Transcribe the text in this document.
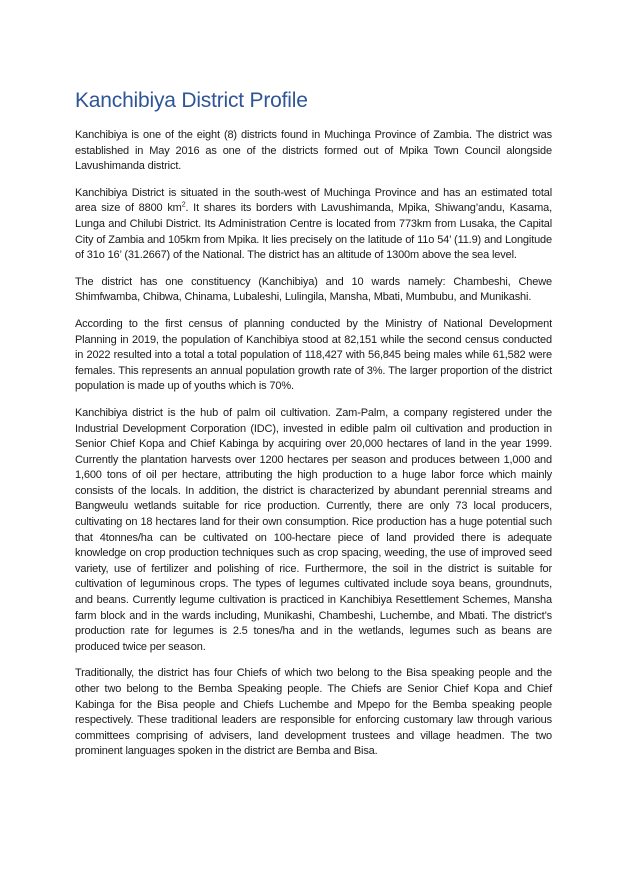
Kanchibiya District Profile

Kanchibiya is one of the eight (8) districts found in Muchinga Province of Zambia. The district was established in May 2016 as one of the districts formed out of Mpika Town Council alongside Lavushimanda district.

Kanchibiya District is situated in the south-west of Muchinga Province and has an estimated total area size of 8800 $km^2$. It shares its borders with Lavushimanda, Mpika, Shiwang’andu, Kasama, Lunga and Chilubi District. Its Administration Centre is located from 773km from Lusaka, the Capital City of Zambia and 105km from Mpika. It lies precisely on the latitude of 11o 54’ (11.9) and Longitude of 31o 16’ (31.2667) of the National. The district has an altitude of 1300m above the sea level.

The district has one constituency (Kanchibiya) and 10 wards namely: Chambeshi, Chewe Shimfwamba, Chibwa, Chinama, Lubaleshi, Lulingila, Mansha, Mbati, Mumbubu, and Munikashi.

According to the first census of planning conducted by the Ministry of National Development Planning in 2019, the population of Kanchibiya stood at 82,151 while the second census conducted in 2022 resulted into a total a total population of 118,427 with 56,845 being males while 61,582 were females. This represents an annual population growth rate of 3%. The larger proportion of the district population is made up of youths which is 70%.

Kanchibiya district is the hub of palm oil cultivation. Zam-Palm, a company registered under the Industrial Development Corporation (IDC), invested in edible palm oil cultivation and production in Senior Chief Kopa and Chief Kabinga by acquiring over 20,000 hectares of land in the year 1999. Currently the plantation harvests over 1200 hectares per season and produces between 1,000 and 1,600 tons of oil per hectare, attributing the high production to a huge labor force which mainly consists of the locals. In addition, the district is characterized by abundant perennial streams and Bangweulu wetlands suitable for rice production. Currently, there are only 73 local producers, cultivating on 18 hectares land for their own consumption. Rice production has a huge potential such that 4tonnes/ha can be cultivated on 100-hectare piece of land provided there is adequate knowledge on crop production techniques such as crop spacing, weeding, the use of improved seed variety, use of fertilizer and polishing of rice. Furthermore, the soil in the district is suitable for cultivation of leguminous crops. The types of legumes cultivated include soya beans, groundnuts, and beans. Currently legume cultivation is practiced in Kanchibiya Resettlement Schemes, Mansha farm block and in the wards including, Munikashi, Chambeshi, Luchembe, and Mbati. The district’s production rate for legumes is 2.5 tones/ha and in the wetlands, legumes such as beans are produced twice per season.

Traditionally, the district has four Chiefs of which two belong to the Bisa speaking people and the other two belong to the Bemba Speaking people. The Chiefs are Senior Chief Kopa and Chief Kabinga for the Bisa people and Chiefs Luchembe and Mpepo for the Bemba speaking people respectively. These traditional leaders are responsible for enforcing customary law through various committees comprising of advisers, land development trustees and village headmen. The two prominent languages spoken in the district are Bemba and Bisa.
